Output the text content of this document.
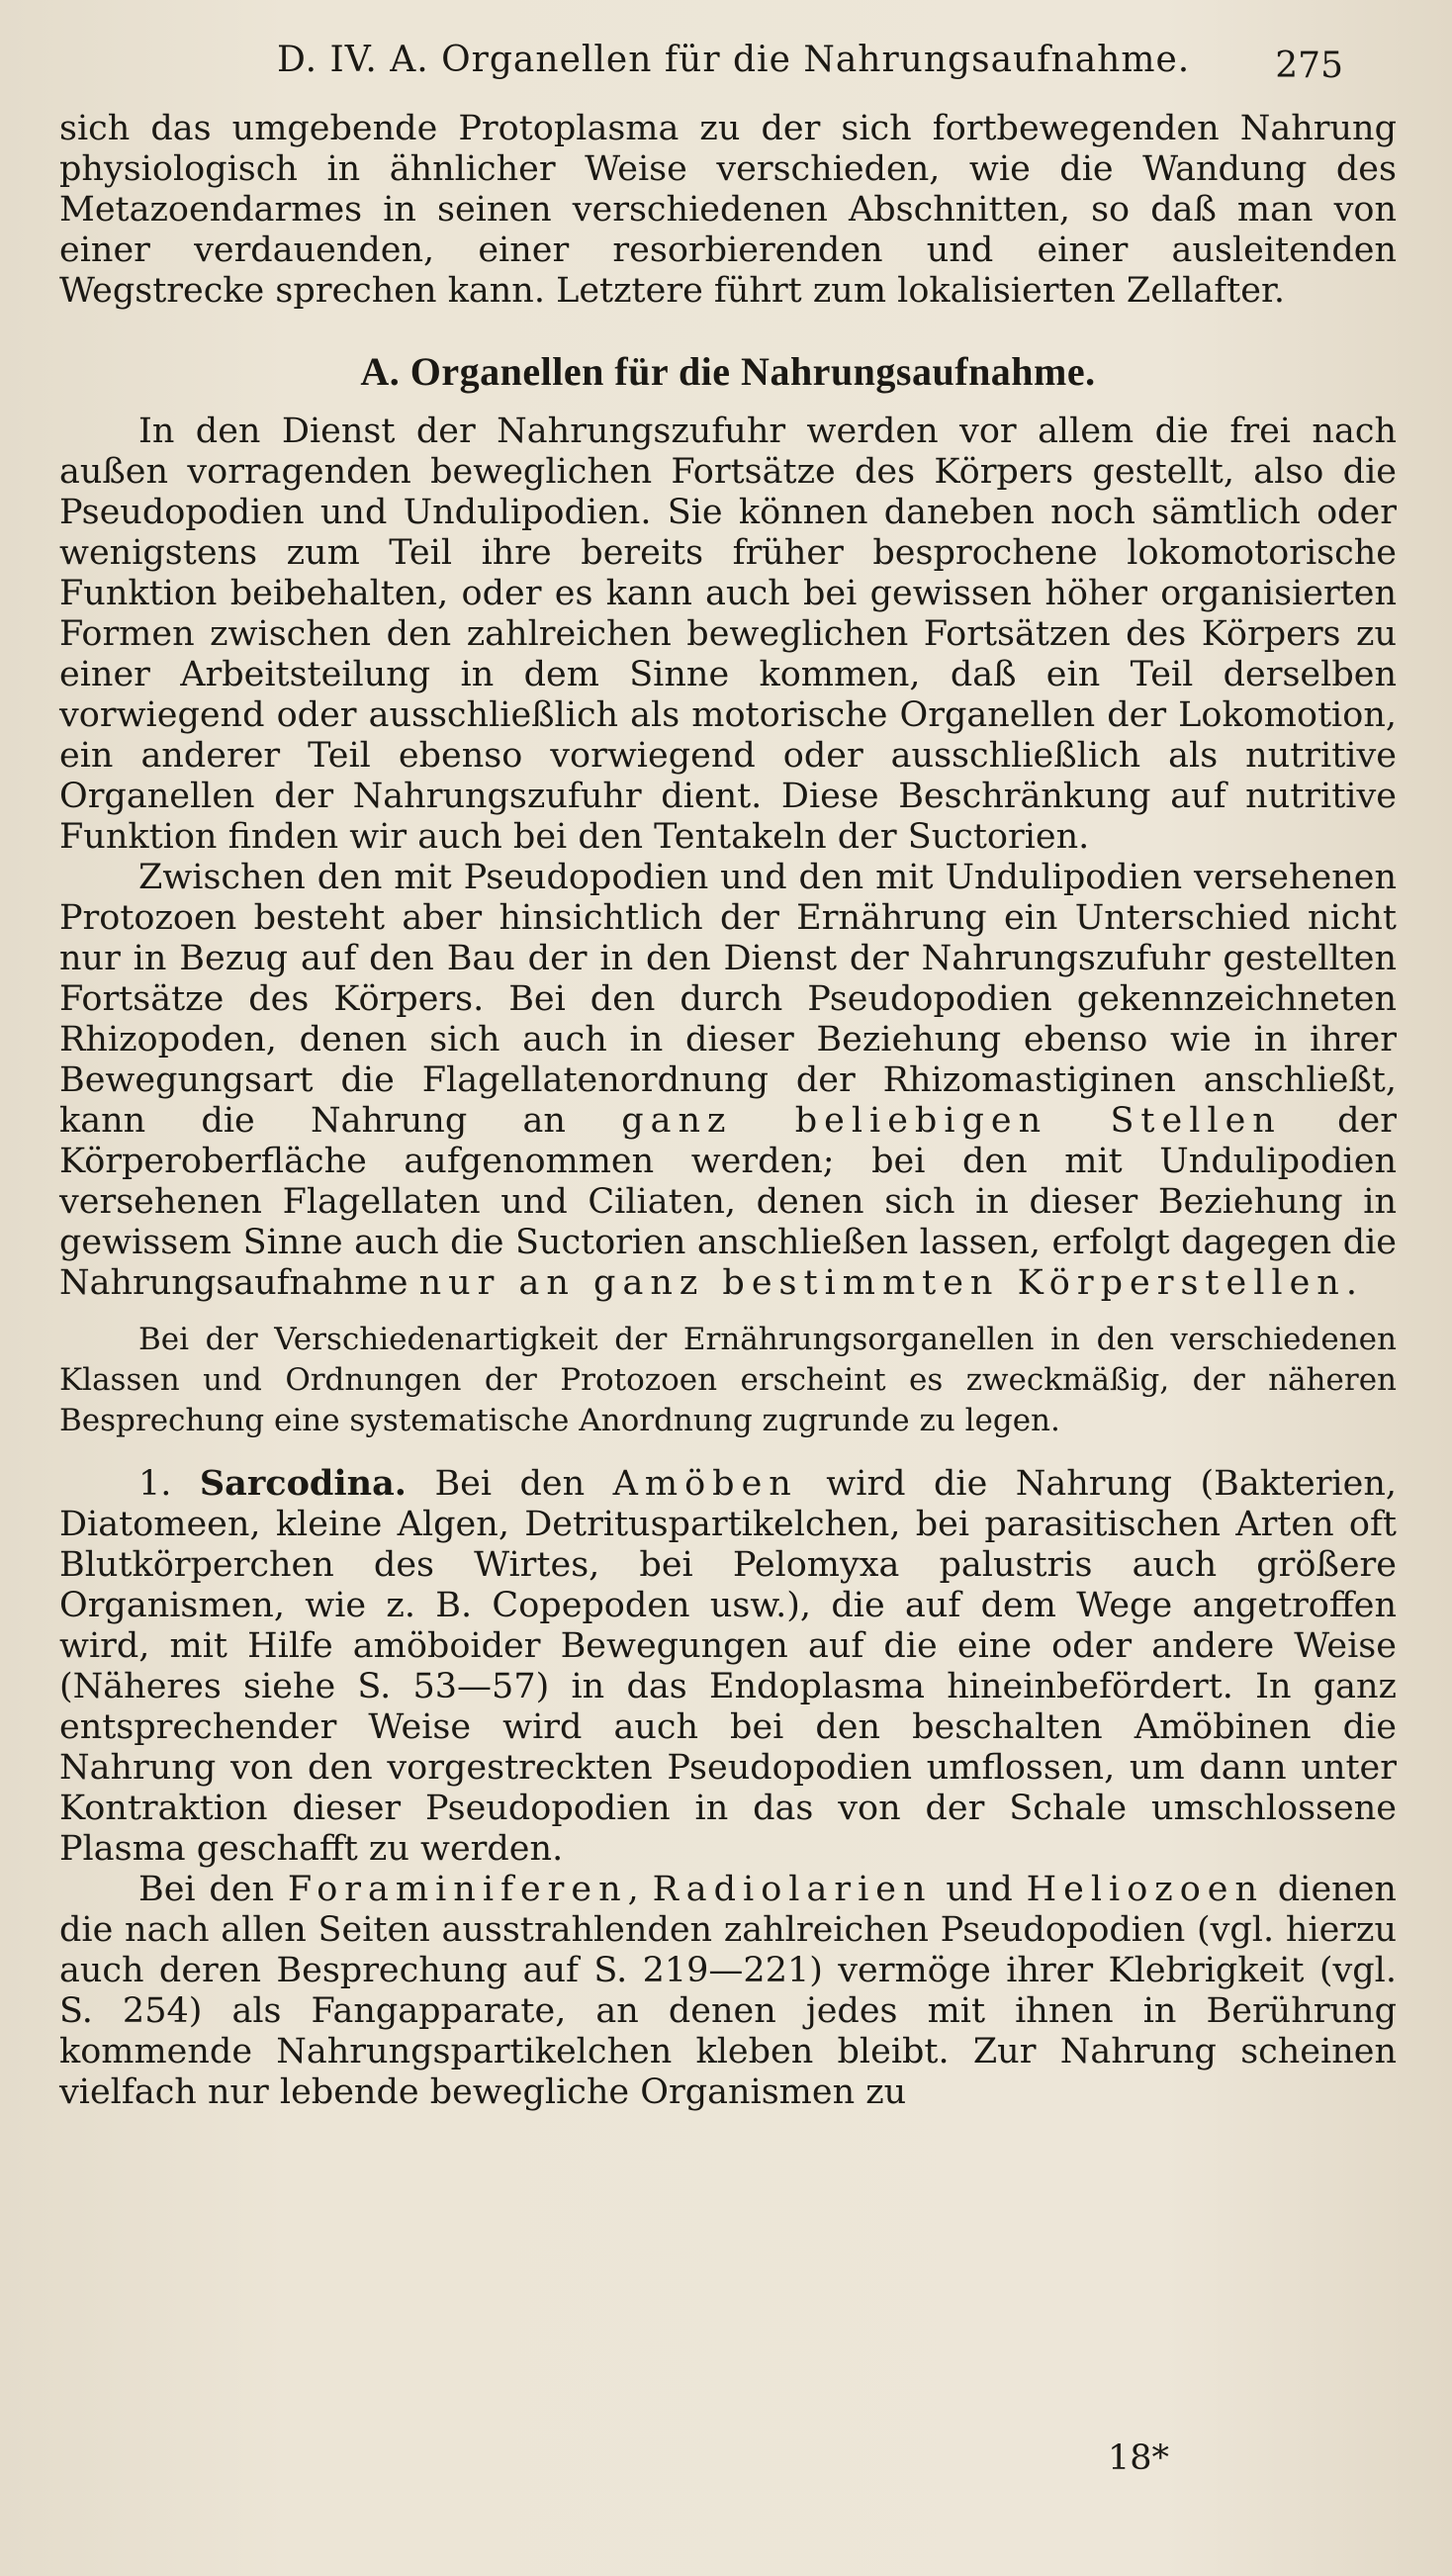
D. IV. A. Organellen für die Nahrungsaufnahme. 275

sich das umgebende Protoplasma zu der sich fortbewegenden Nahrung physiologisch in ähnlicher Weise verschieden, wie die Wandung des Metazoendarmes in seinen verschiedenen Abschnitten, so daß man von einer verdauenden, einer resorbierenden und einer ausleitenden Wegstrecke sprechen kann. Letztere führt zum lokalisierten Zellafter.

A. Organellen für die Nahrungsaufnahme.

In den Dienst der Nahrungszufuhr werden vor allem die frei nach außen vorragenden beweglichen Fortsätze des Körpers gestellt, also die Pseudopodien und Undulipodien. Sie können daneben noch sämtlich oder wenigstens zum Teil ihre bereits früher besprochene lokomotorische Funktion beibehalten, oder es kann auch bei gewissen höher organisierten Formen zwischen den zahlreichen beweglichen Fortsätzen des Körpers zu einer Arbeitsteilung in dem Sinne kommen, daß ein Teil derselben vorwiegend oder ausschließlich als motorische Organellen der Lokomotion, ein anderer Teil ebenso vorwiegend oder ausschließlich als nutritive Organellen der Nahrungszufuhr dient. Diese Beschränkung auf nutritive Funktion finden wir auch bei den Tentakeln der Suctorien.

Zwischen den mit Pseudopodien und den mit Undulipodien versehenen Protozoen besteht aber hinsichtlich der Ernährung ein Unterschied nicht nur in Bezug auf den Bau der in den Dienst der Nahrungszufuhr gestellten Fortsätze des Körpers. Bei den durch Pseudopodien gekennzeichneten Rhizopoden, denen sich auch in dieser Beziehung ebenso wie in ihrer Bewegungsart die Flagellatenordnung der Rhizomastiginen anschließt, kann die Nahrung an ganz beliebigen Stellen der Körperoberfläche aufgenommen werden; bei den mit Undulipodien versehenen Flagellaten und Ciliaten, denen sich in dieser Beziehung in gewissem Sinne auch die Suctorien anschließen lassen, erfolgt dagegen die Nahrungsaufnahme nur an ganz bestimmten Körperstellen.

Bei der Verschiedenartigkeit der Ernährungsorganellen in den verschiedenen Klassen und Ordnungen der Protozoen erscheint es zweckmäßig, der näheren Besprechung eine systematische Anordnung zugrunde zu legen.

1. Sarcodina. Bei den Amöben wird die Nahrung (Bakterien, Diatomeen, kleine Algen, Detrituspartikelchen, bei parasitischen Arten oft Blutkörperchen des Wirtes, bei Pelomyxa palustris auch größere Organismen, wie z. B. Copepoden usw.), die auf dem Wege angetroffen wird, mit Hilfe amöboider Bewegungen auf die eine oder andere Weise (Näheres siehe S. 53—57) in das Endoplasma hineinbefördert. In ganz entsprechender Weise wird auch bei den beschalten Amöbinen die Nahrung von den vorgestreckten Pseudopodien umflossen, um dann unter Kontraktion dieser Pseudopodien in das von der Schale umschlossene Plasma geschafft zu werden.

Bei den Foraminiferen, Radiolarien und Heliozoen dienen die nach allen Seiten ausstrahlenden zahlreichen Pseudopodien (vgl. hierzu auch deren Besprechung auf S. 219—221) vermöge ihrer Klebrigkeit (vgl. S. 254) als Fangapparate, an denen jedes mit ihnen in Berührung kommende Nahrungspartikelchen kleben bleibt. Zur Nahrung scheinen vielfach nur lebende bewegliche Organismen zu

18*
